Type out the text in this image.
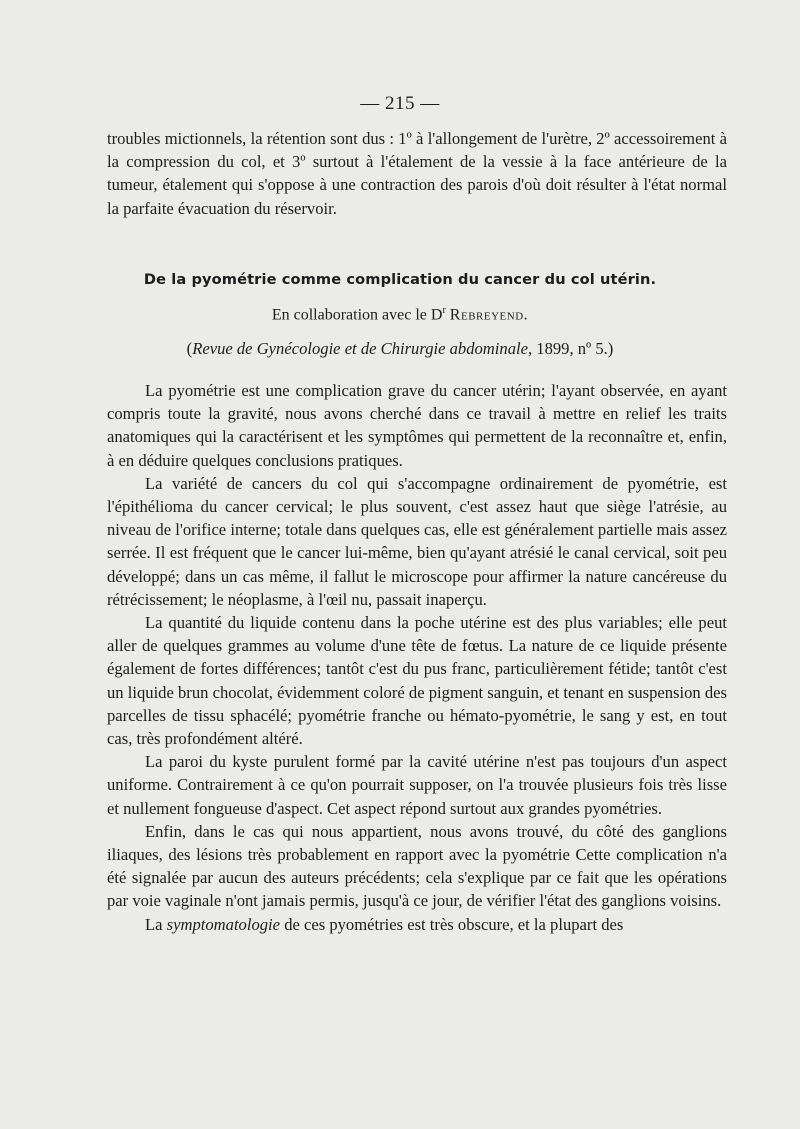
— 215 —

troubles mictionnels, la rétention sont dus : 1º à l'allongement de l'urètre, 2º accessoirement à la compression du col, et 3º surtout à l'étalement de la vessie à la face antérieure de la tumeur, étalement qui s'oppose à une contraction des parois d'où doit résulter à l'état normal la parfaite évacuation du réservoir.

De la pyométrie comme complication du cancer du col utérin.
En collaboration avec le $D^r$ Rebreyend.
(Revue de Gynécologie et de Chirurgie abdominale, 1899, nº 5.)

La pyométrie est une complication grave du cancer utérin; l'ayant observée, en ayant compris toute la gravité, nous avons cherché dans ce travail à mettre en relief les traits anatomiques qui la caractérisent et les symptômes qui permettent de la reconnaître et, enfin, à en déduire quelques conclusions pratiques.

La variété de cancers du col qui s'accompagne ordinairement de pyométrie, est l'épithélioma du cancer cervical; le plus souvent, c'est assez haut que siège l'atrésie, au niveau de l'orifice interne; totale dans quelques cas, elle est généralement partielle mais assez serrée. Il est fréquent que le cancer lui-même, bien qu'ayant atrésié le canal cervical, soit peu développé; dans un cas même, il fallut le microscope pour affirmer la nature cancéreuse du rétrécissement; le néoplasme, à l'œil nu, passait inaperçu.

La quantité du liquide contenu dans la poche utérine est des plus variables; elle peut aller de quelques grammes au volume d'une tête de fœtus. La nature de ce liquide présente également de fortes différences; tantôt c'est du pus franc, particulièrement fétide; tantôt c'est un liquide brun chocolat, évidemment coloré de pigment sanguin, et tenant en suspension des parcelles de tissu sphacélé; pyométrie franche ou hémato-pyométrie, le sang y est, en tout cas, très profondément altéré.

La paroi du kyste purulent formé par la cavité utérine n'est pas toujours d'un aspect uniforme. Contrairement à ce qu'on pourrait supposer, on l'a trouvée plusieurs fois très lisse et nullement fongueuse d'aspect. Cet aspect répond surtout aux grandes pyométries.

Enfin, dans le cas qui nous appartient, nous avons trouvé, du côté des ganglions iliaques, des lésions très probablement en rapport avec la pyométrie Cette complication n'a été signalée par aucun des auteurs précédents; cela s'explique par ce fait que les opérations par voie vaginale n'ont jamais permis, jusqu'à ce jour, de vérifier l'état des ganglions voisins.

La symptomatologie de ces pyométries est très obscure, et la plupart des
